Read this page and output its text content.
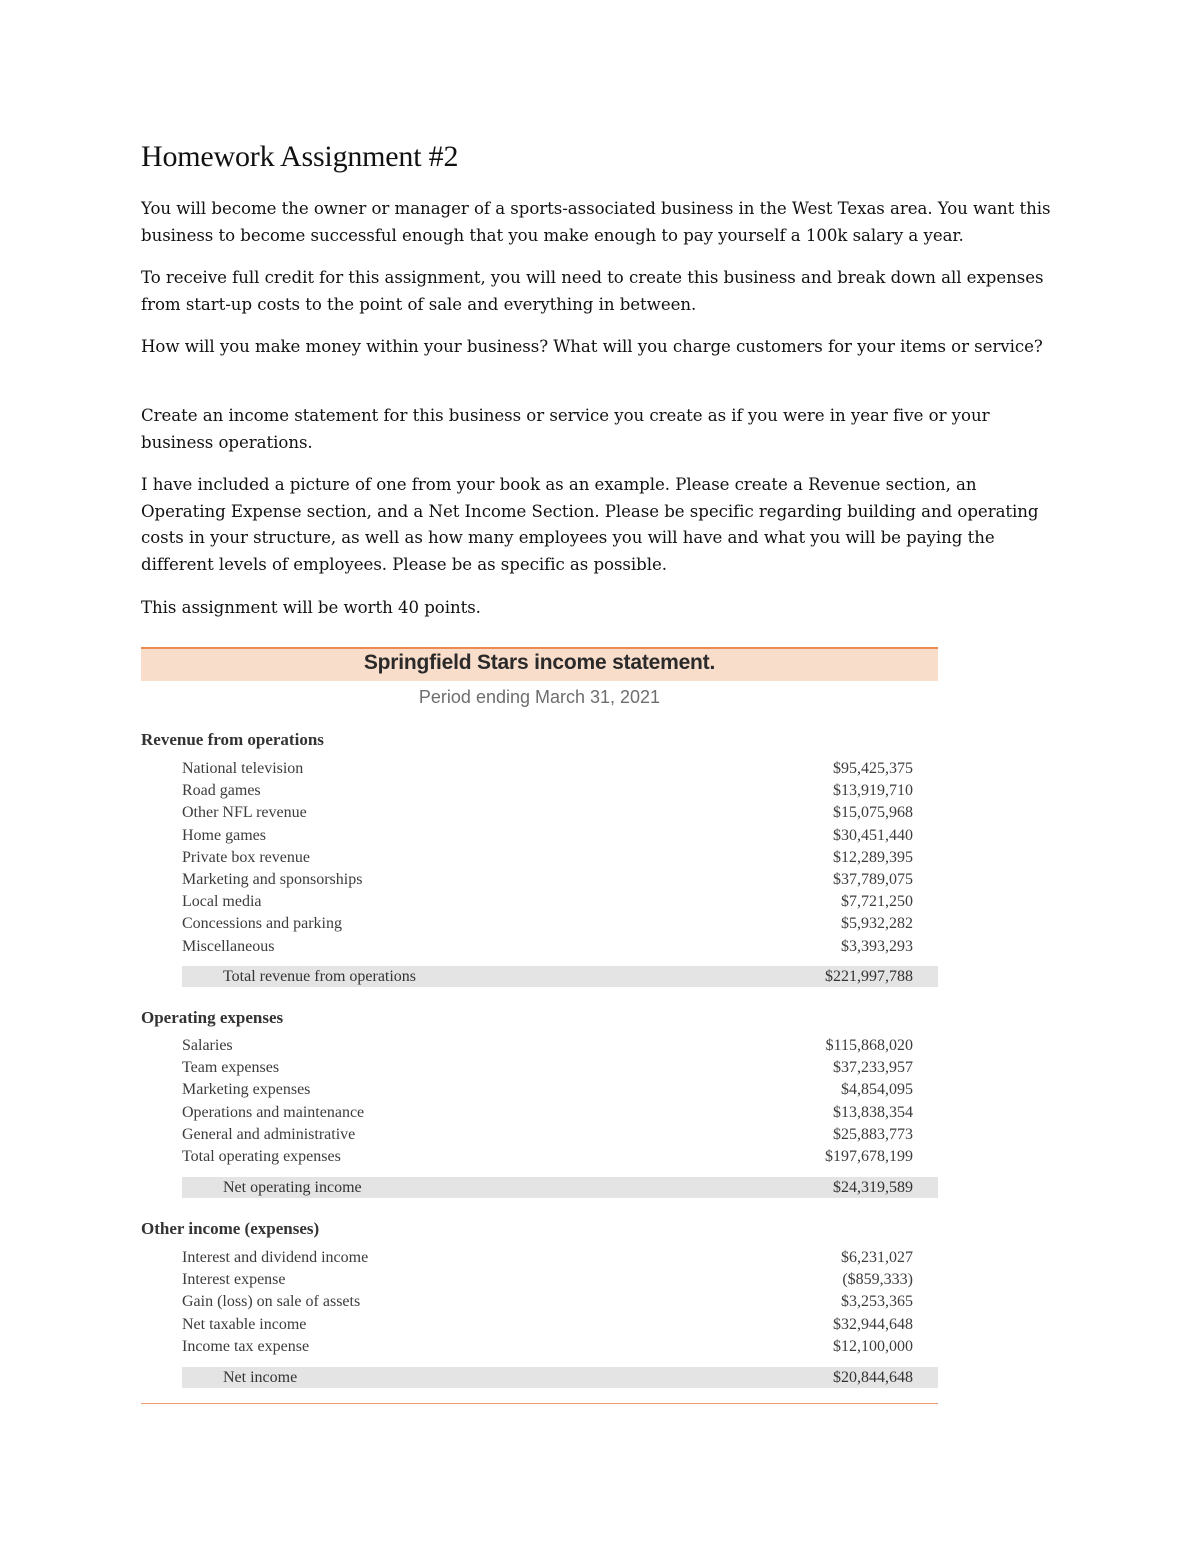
Homework Assignment #2

You will become the owner or manager of a sports-associated business in the West Texas area. You want this business to become successful enough that you make enough to pay yourself a 100k salary a year.

To receive full credit for this assignment, you will need to create this business and break down all expenses from start-up costs to the point of sale and everything in between.

How will you make money within your business? What will you charge customers for your items or service?

Create an income statement for this business or service you create as if you were in year five or your business operations.

I have included a picture of one from your book as an example. Please create a Revenue section, an Operating Expense section, and a Net Income Section. Please be specific regarding building and operating costs in your structure, as well as how many employees you will have and what you will be paying the different levels of employees. Please be as specific as possible.

This assignment will be worth 40 points.

Springfield Stars income statement.
Period ending March 31, 2021
Revenue from operations
National television	$95,425,375
Road games	$13,919,710
Other NFL revenue	$15,075,968
Home games	$30,451,440
Private box revenue	$12,289,395
Marketing and sponsorships	$37,789,075
Local media	$7,721,250
Concessions and parking	$5,932,282
Miscellaneous	$3,393,293
Total revenue from operations	$221,997,788
Operating expenses
Salaries	$115,868,020
Team expenses	$37,233,957
Marketing expenses	$4,854,095
Operations and maintenance	$13,838,354
General and administrative	$25,883,773
Total operating expenses	$197,678,199
Net operating income	$24,319,589
Other income (expenses)
Interest and dividend income	$6,231,027
Interest expense	($859,333)
Gain (loss) on sale of assets	$3,253,365
Net taxable income	$32,944,648
Income tax expense	$12,100,000
Net income	$20,844,648
